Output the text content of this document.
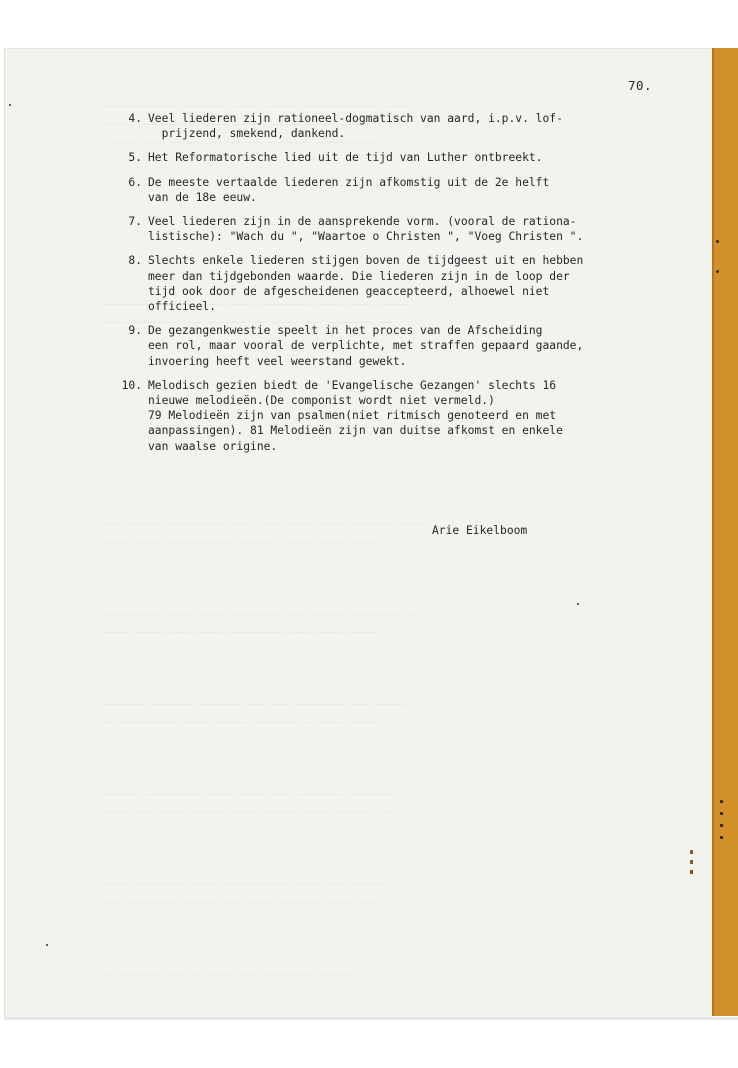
70.
4. Veel liederen zijn rationeel-dogmatisch van aard, i.p.v. lof-
prijzend, smekend, dankend.
5. Het Reformatorische lied uit de tijd van Luther ontbreekt.
6. De meeste vertaalde liederen zijn afkomstig uit de 2e helft
van de 18e eeuw.
7. Veel liederen zijn in de aansprekende vorm. (vooral de rationa-
listische): "Wach du ", "Waartoe o Christen ", "Voeg Christen ".
8. Slechts enkele liederen stijgen boven de tijdgeest uit en hebben
meer dan tijdgebonden waarde. Die liederen zijn in de loop der
tijd ook door de afgescheidenen geaccepteerd, alhoewel niet
officieel.
9. De gezangenkwestie speelt in het proces van de Afscheiding
een rol, maar vooral de verplichte, met straffen gepaard gaande,
invoering heeft veel weerstand gewekt.
10. Melodisch gezien biedt de 'Evangelische Gezangen' slechts 16
nieuwe melodieën.(De componist wordt niet vermeld.)
79 Melodieën zijn van psalmen(niet ritmisch genoteerd en met
aanpassingen). 81 Melodieën zijn van duitse afkomst en enkele
van waalse origine.
Arie Eikelboom
